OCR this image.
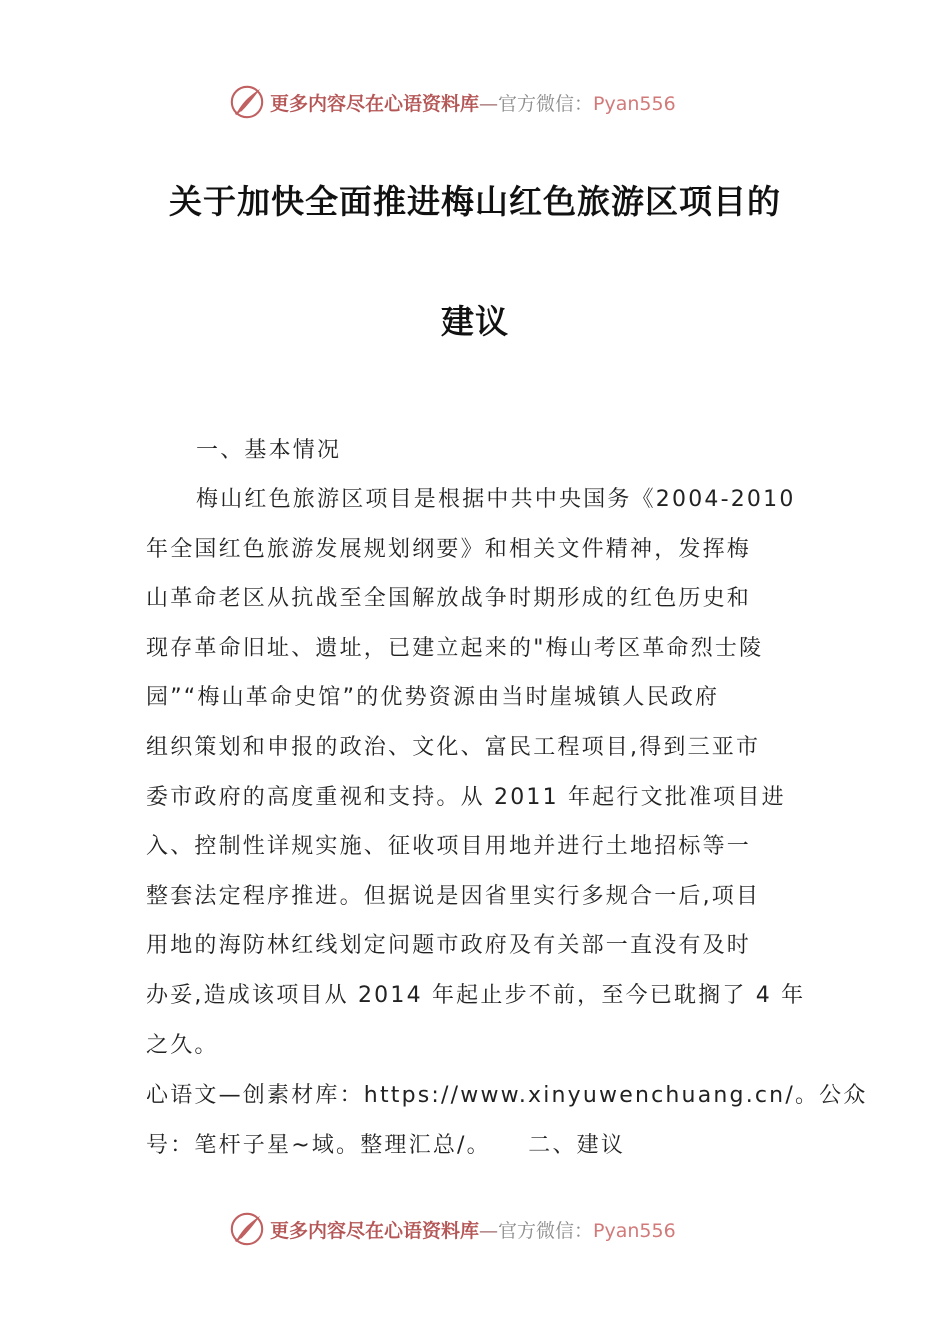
更多内容尽在心语资料库—官方微信：Pyan556
关于加快全面推进梅山红色旅游区项目的
建议
一、基本情况
梅山红色旅游区项目是根据中共中央国务《2004-2010
年全国红色旅游发展规划纲要》和相关文件精神，发挥梅
山革命老区从抗战至全国解放战争时期形成的红色历史和
现存革命旧址、遗址，已建立起来的"梅山考区革命烈士陵
园”“梅山革命史馆”的优势资源由当时崖城镇人民政府
组织策划和申报的政治、文化、富民工程项目,得到三亚市
委市政府的高度重视和支持。从 2011 年起行文批准项目进
入、控制性详规实施、征收项目用地并进行土地招标等一
整套法定程序推进。但据说是因省里实行多规合一后,项目
用地的海防林红线划定问题市政府及有关部一直没有及时
办妥,造成该项目从 2014 年起止步不前，至今已耽搁了 4 年
之久。
心语文—创素材库：https://www.xinyuwenchuang.cn/。公众
号：笔杆子星~域。整理汇总/。　　二、建议
更多内容尽在心语资料库—官方微信：Pyan556
